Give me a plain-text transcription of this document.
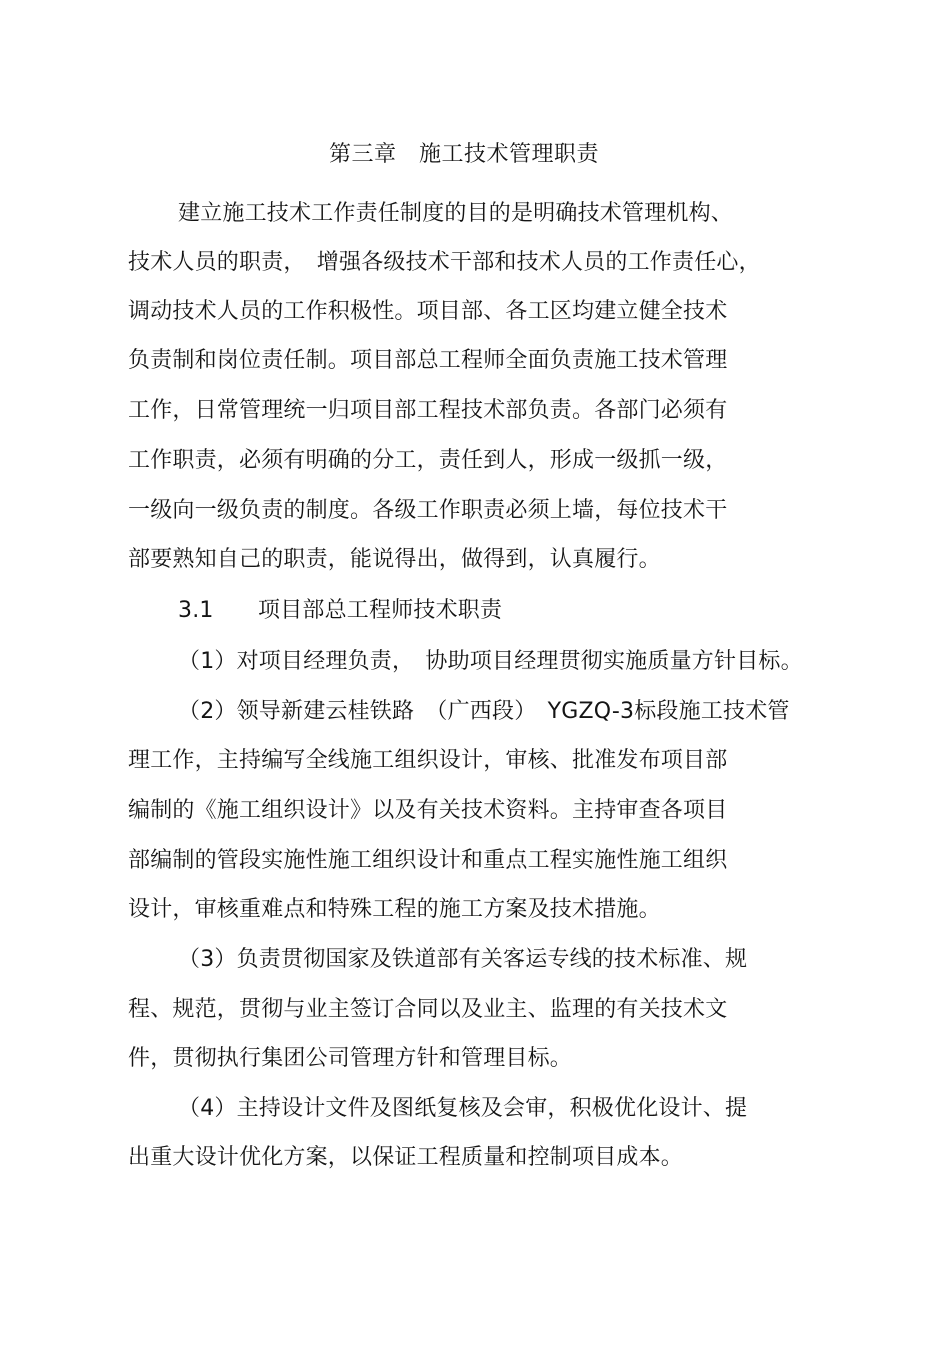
第三章　施工技术管理职责
建立施工技术工作责任制度的目的是明确技术管理机构、
技术人员的职责，　增强各级技术干部和技术人员的工作责任心，
调动技术人员的工作积极性。项目部、各工区均建立健全技术
负责制和岗位责任制。项目部总工程师全面负责施工技术管理
工作，日常管理统一归项目部工程技术部负责。各部门必须有
工作职责，必须有明确的分工，责任到人，形成一级抓一级，
一级向一级负责的制度。各级工作职责必须上墙，每位技术干
部要熟知自己的职责，能说得出，做得到，认真履行。
3.1　　项目部总工程师技术职责
（1）对项目经理负责，　协助项目经理贯彻实施质量方针目标。
（2）领导新建云桂铁路　（广西段）　YGZQ-3标段施工技术管
理工作，主持编写全线施工组织设计，审核、批准发布项目部
编制的《施工组织设计》以及有关技术资料。主持审查各项目
部编制的管段实施性施工组织设计和重点工程实施性施工组织
设计，审核重难点和特殊工程的施工方案及技术措施。
（3）负责贯彻国家及铁道部有关客运专线的技术标准、规
程、规范，贯彻与业主签订合同以及业主、监理的有关技术文
件，贯彻执行集团公司管理方针和管理目标。
（4）主持设计文件及图纸复核及会审，积极优化设计、提
出重大设计优化方案，以保证工程质量和控制项目成本。
